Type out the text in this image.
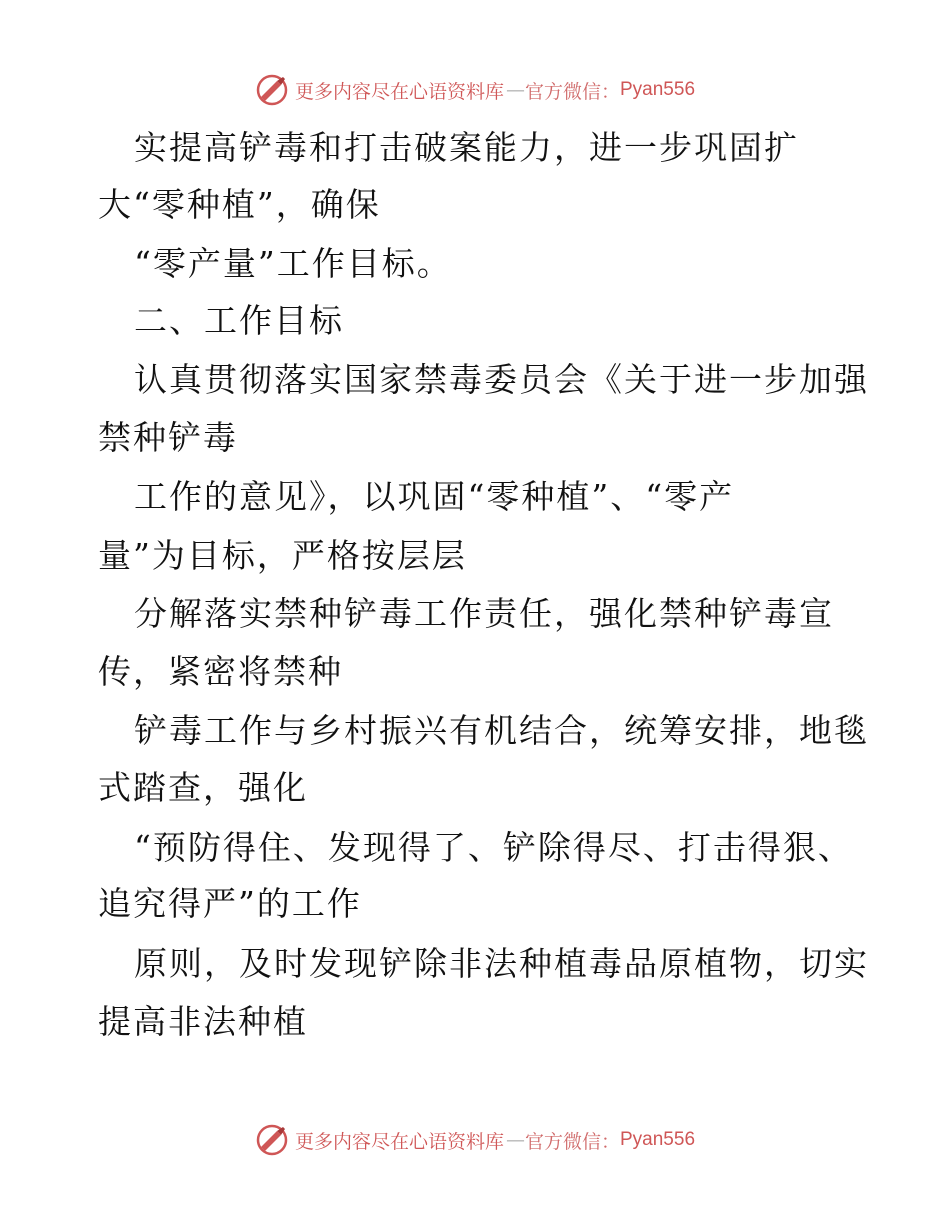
更多内容尽在心语资料库 — 官方微信： Pyan556
实提高铲毒和打击破案能力，进一步巩固扩
大“零种植”，确保
“零产量”工作目标。
二、工作目标
认真贯彻落实国家禁毒委员会《关于进一步加强
禁种铲毒
工作的意见》，以巩固“零种植”、“零产
量”为目标，严格按层层
分解落实禁种铲毒工作责任，强化禁种铲毒宣
传，紧密将禁种
铲毒工作与乡村振兴有机结合，统筹安排，地毯
式踏查，强化
“预防得住、发现得了、铲除得尽、打击得狠、
追究得严”的工作
原则，及时发现铲除非法种植毒品原植物，切实
提高非法种植
更多内容尽在心语资料库 — 官方微信： Pyan556
